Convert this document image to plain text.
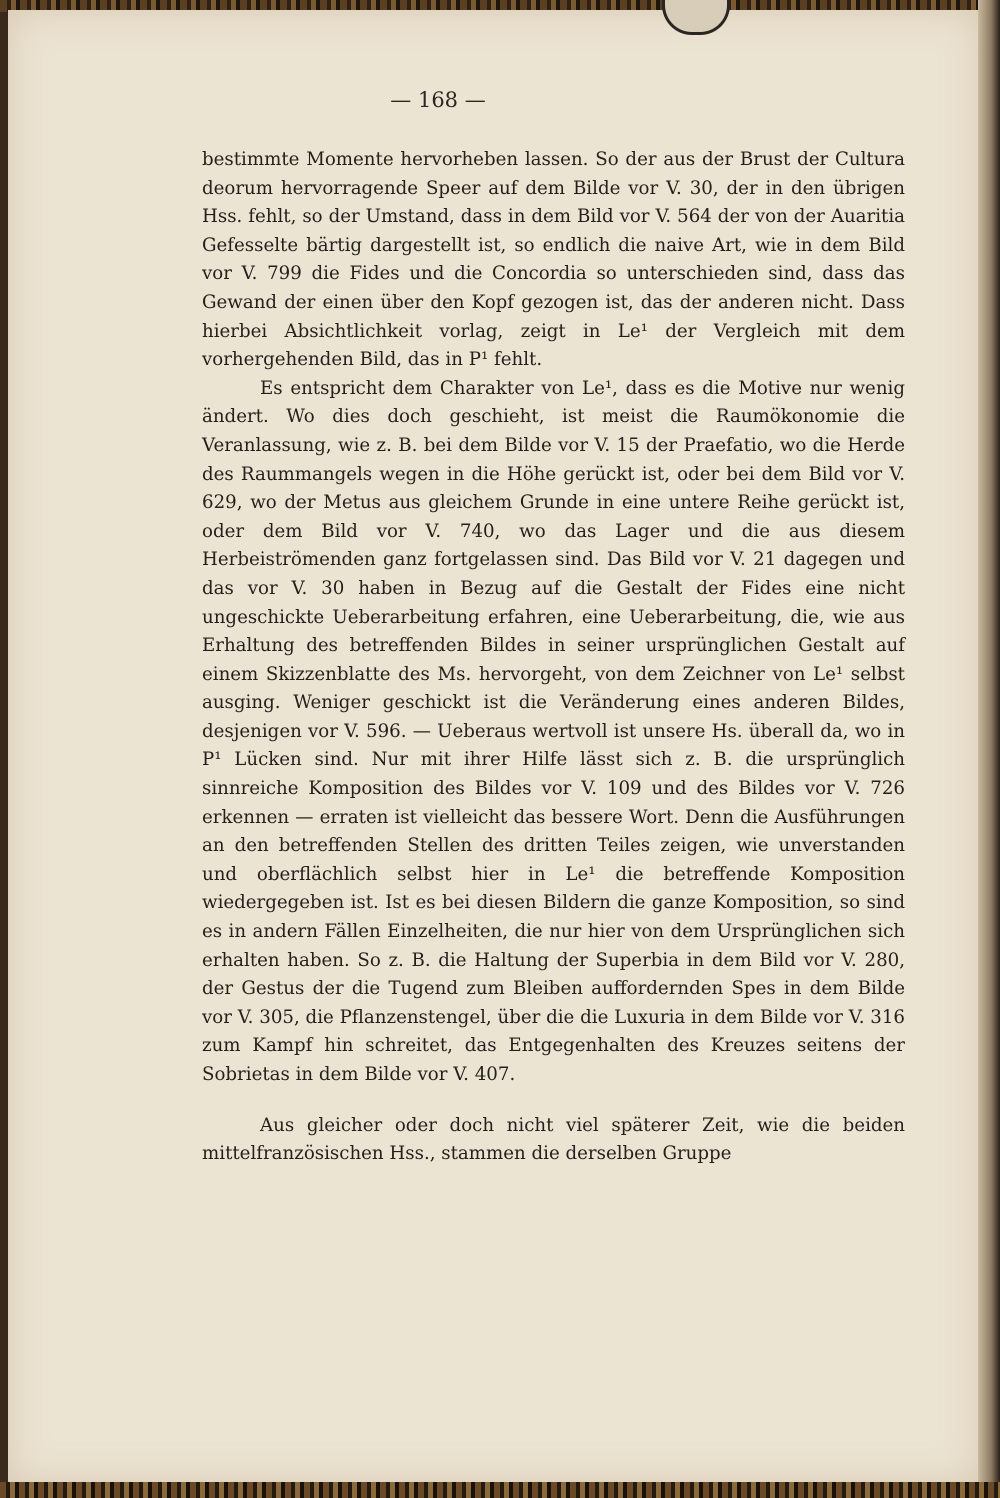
— 168 —

bestimmte Momente hervorheben lassen. So der aus der Brust der Cultura deorum hervorragende Speer auf dem Bilde vor V. 30, der in den übrigen Hss. fehlt, so der Umstand, dass in dem Bild vor V. 564 der von der Auaritia Gefesselte bärtig dargestellt ist, so endlich die naive Art, wie in dem Bild vor V. 799 die Fides und die Concordia so unterschieden sind, dass das Gewand der einen über den Kopf gezogen ist, das der anderen nicht. Dass hierbei Absichtlichkeit vorlag, zeigt in Le¹ der Vergleich mit dem vorhergehenden Bild, das in P¹ fehlt.

Es entspricht dem Charakter von Le¹, dass es die Motive nur wenig ändert. Wo dies doch geschieht, ist meist die Raumökonomie die Veranlassung, wie z. B. bei dem Bilde vor V. 15 der Praefatio, wo die Herde des Raummangels wegen in die Höhe gerückt ist, oder bei dem Bild vor V. 629, wo der Metus aus gleichem Grunde in eine untere Reihe gerückt ist, oder dem Bild vor V. 740, wo das Lager und die aus diesem Herbeiströmenden ganz fortgelassen sind. Das Bild vor V. 21 dagegen und das vor V. 30 haben in Bezug auf die Gestalt der Fides eine nicht ungeschickte Ueberarbeitung erfahren, eine Ueberarbeitung, die, wie aus Erhaltung des betreffenden Bildes in seiner ursprünglichen Gestalt auf einem Skizzenblatte des Ms. hervorgeht, von dem Zeichner von Le¹ selbst ausging. Weniger geschickt ist die Veränderung eines anderen Bildes, desjenigen vor V. 596. — Ueberaus wertvoll ist unsere Hs. überall da, wo in P¹ Lücken sind. Nur mit ihrer Hilfe lässt sich z. B. die ursprünglich sinnreiche Komposition des Bildes vor V. 109 und des Bildes vor V. 726 erkennen — erraten ist vielleicht das bessere Wort. Denn die Ausführungen an den betreffenden Stellen des dritten Teiles zeigen, wie unverstanden und oberflächlich selbst hier in Le¹ die betreffende Komposition wiedergegeben ist. Ist es bei diesen Bildern die ganze Komposition, so sind es in andern Fällen Einzelheiten, die nur hier von dem Ursprünglichen sich erhalten haben. So z. B. die Haltung der Superbia in dem Bild vor V. 280, der Gestus der die Tugend zum Bleiben auffordernden Spes in dem Bilde vor V. 305, die Pflanzenstengel, über die die Luxuria in dem Bilde vor V. 316 zum Kampf hin schreitet, das Entgegenhalten des Kreuzes seitens der Sobrietas in dem Bilde vor V. 407.

Aus gleicher oder doch nicht viel späterer Zeit, wie die beiden mittelfranzösischen Hss., stammen die derselben Gruppe
